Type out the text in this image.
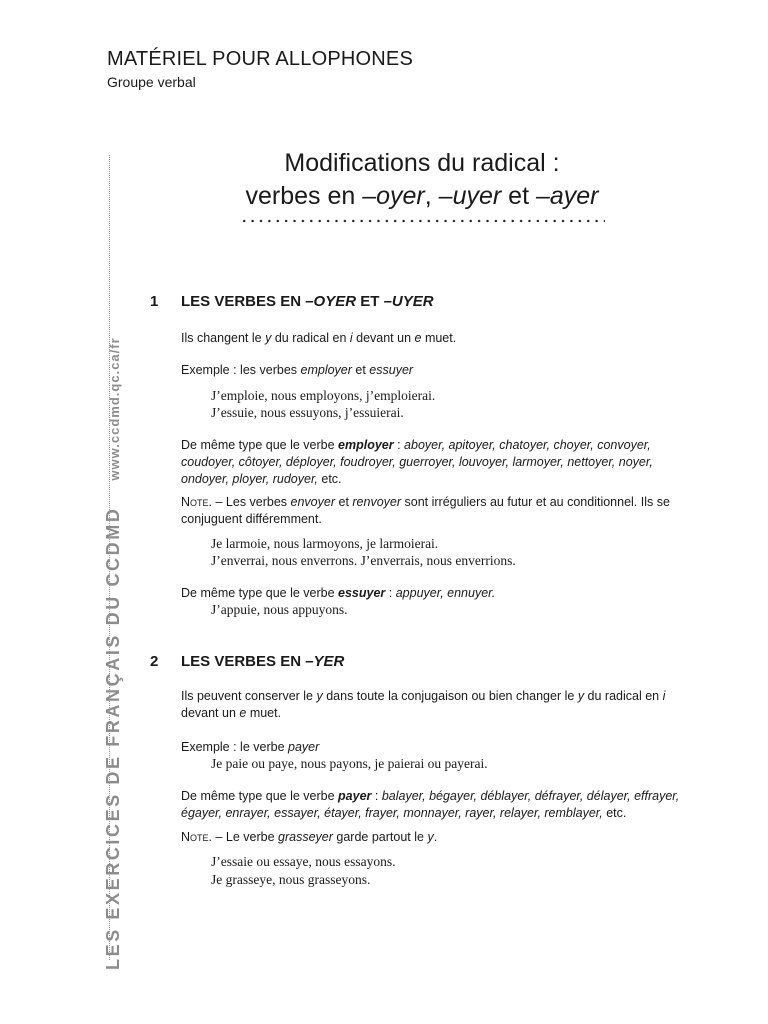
MATÉRIEL POUR ALLOPHONES
Groupe verbal
LES EXERCICES DE FRANÇAIS DU CCDMDwww.ccdmd.qc.ca/fr
Modifications du radical :
verbes en –oyer, –uyer et –ayer
1 LES VERBES EN –OYER ET –UYER
Ils changent le y du radical en i devant un e muet.
Exemple : les verbes employer et essuyer
J’emploie, nous employons, j’emploierai.
J’essuie, nous essuyons, j’essuierai.
De même type que le verbe employer : aboyer, apitoyer, chatoyer, choyer, convoyer, coudoyer, côtoyer, déployer, foudroyer, guerroyer, louvoyer, larmoyer, nettoyer, noyer, ondoyer, ployer, rudoyer, etc.
Note. – Les verbes envoyer et renvoyer sont irréguliers au futur et au conditionnel. Ils se conjuguent différemment.
Je larmoie, nous larmoyons, je larmoierai.
J’enverrai, nous enverrons. J’enverrais, nous enverrions.
De même type que le verbe essuyer : appuyer, ennuyer.
J’appuie, nous appuyons.
2 LES VERBES EN –YER
Ils peuvent conserver le y dans toute la conjugaison ou bien changer le y du radical en i devant un e muet.
Exemple : le verbe payer
Je paie ou paye, nous payons, je paierai ou payerai.
De même type que le verbe payer : balayer, bégayer, déblayer, défrayer, délayer, effrayer, égayer, enrayer, essayer, étayer, frayer, monnayer, rayer, relayer, remblayer, etc.
Note. – Le verbe grasseyer garde partout le y.
J’essaie ou essaye, nous essayons.
Je grasseye, nous grasseyons.
